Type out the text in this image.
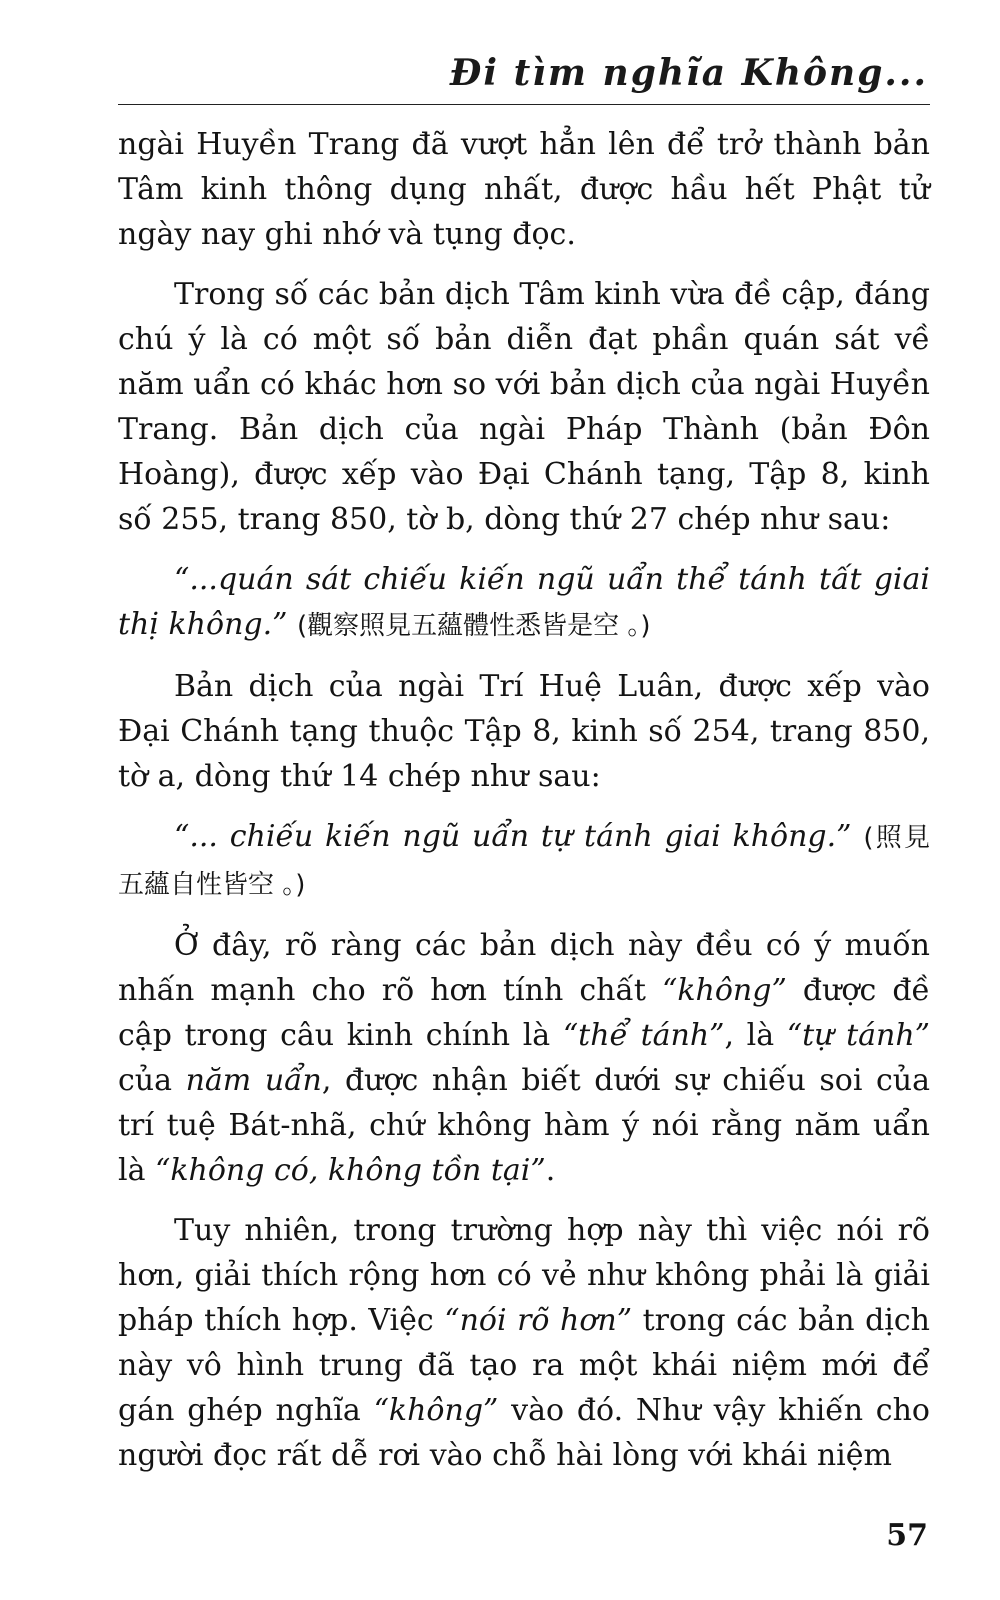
Đi tìm nghĩa Không...

ngài Huyền Trang đã vượt hẳn lên để trở thành bản Tâm kinh thông dụng nhất, được hầu hết Phật tử ngày nay ghi nhớ và tụng đọc.

Trong số các bản dịch Tâm kinh vừa đề cập, đáng chú ý là có một số bản diễn đạt phần quán sát về năm uẩn có khác hơn so với bản dịch của ngài Huyền Trang. Bản dịch của ngài Pháp Thành (bản Đôn Hoàng), được xếp vào Đại Chánh tạng, Tập 8, kinh số 255, trang 850, tờ b, dòng thứ 27 chép như sau:

“...quán sát chiếu kiến ngũ uẩn thể tánh tất giai thị không.” (觀察照見五蘊體性悉皆是空 。)

Bản dịch của ngài Trí Huệ Luân, được xếp vào Đại Chánh tạng thuộc Tập 8, kinh số 254, trang 850, tờ a, dòng thứ 14 chép như sau:

“... chiếu kiến ngũ uẩn tự tánh giai không.” (照見五蘊自性皆空 。)

Ở đây, rõ ràng các bản dịch này đều có ý muốn nhấn mạnh cho rõ hơn tính chất “không” được đề cập trong câu kinh chính là “thể tánh”, là “tự tánh” của năm uẩn, được nhận biết dưới sự chiếu soi của trí tuệ Bát-nhã, chứ không hàm ý nói rằng năm uẩn là “không có, không tồn tại”.

Tuy nhiên, trong trường hợp này thì việc nói rõ hơn, giải thích rộng hơn có vẻ như không phải là giải pháp thích hợp. Việc “nói rõ hơn” trong các bản dịch này vô hình trung đã tạo ra một khái niệm mới để gán ghép nghĩa “không” vào đó. Như vậy khiến cho người đọc rất dễ rơi vào chỗ hài lòng với khái niệm

57
